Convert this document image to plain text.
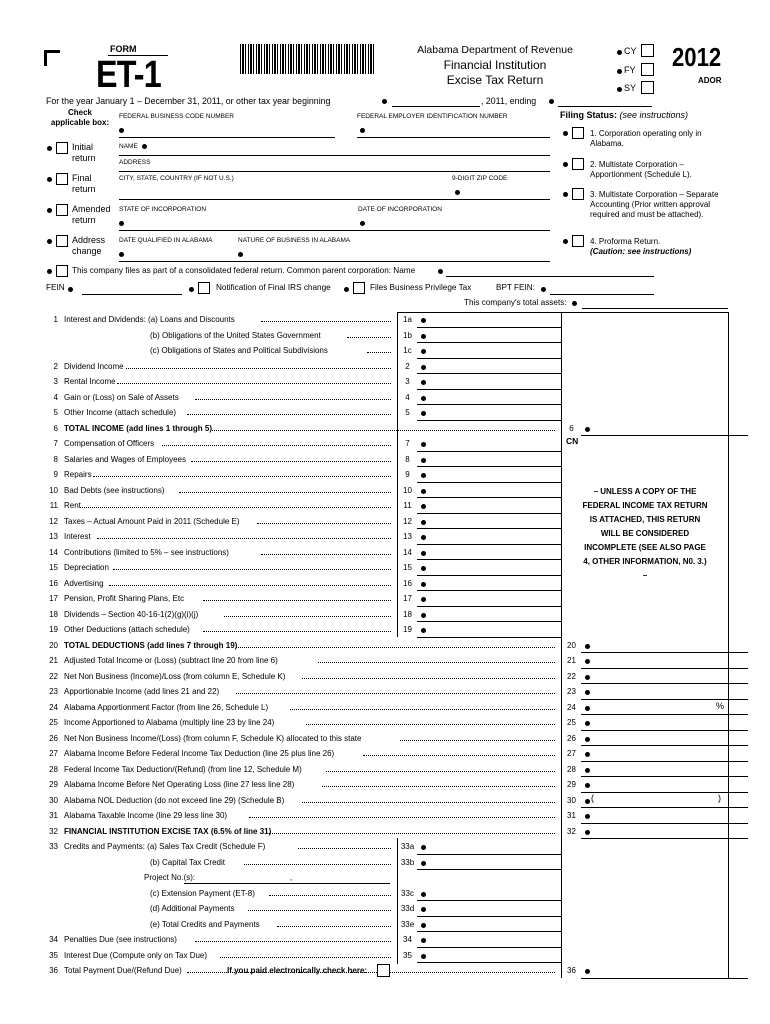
FORM
ET-1
Alabama Department of Revenue
Financial Institution
Excise Tax Return
CY
FY
SY
2012
ADOR
For the year January 1 – December 31, 2011, or other tax year beginning	, 2011, ending
Check
applicable box:
Initial
return
Final
return
Amended
return
Address
change
FEDERAL BUSINESS CODE NUMBER	FEDERAL EMPLOYER IDENTIFICATION NUMBER
NAME
ADDRESS
CITY, STATE, COUNTRY (IF NOT U.S.)	9-DIGIT ZIP CODE
STATE OF INCORPORATION	DATE OF INCORPORATION
DATE QUALIFIED IN ALABAMA	NATURE OF BUSINESS IN ALABAMA
Filing Status: (see instructions)
1. Corporation operating only in Alabama.
2. Multistate Corporation – Apportionment (Schedule L).
3. Multistate Corporation – Separate Accounting (Prior written approval required and must be attached).
4. Proforma Return.
(Caution: see instructions)
This company files as part of a consolidated federal return. Common parent corporation: Name
FEIN	Notification of Final IRS change	Files Business Privilege Tax	BPT FEIN:
This company's total assets:
1 Interest and Dividends: (a) Loans and Discounts	1a
(b) Obligations of the United States Government	1b
(c) Obligations of States and Political Subdivisions	1c
2 Dividend Income	2
3 Rental Income	3
4 Gain or (Loss) on Sale of Assets	4
5 Other Income (attach schedule)	5
6 TOTAL INCOME (add lines 1 through 5)	6
7 Compensation of Officers	7
8 Salaries and Wages of Employees	8
9 Repairs	9
10 Bad Debts (see instructions)	10
11 Rent	11
12 Taxes – Actual Amount Paid in 2011 (Schedule E)	12
13 Interest	13
14 Contributions (limited to 5% – see instructions)	14
15 Depreciation	15
16 Advertising	16
17 Pension, Profit Sharing Plans, Etc	17
18 Dividends – Section 40-16-1(2)(g)(i)(j)	18
19 Other Deductions (attach schedule)	19
20 TOTAL DEDUCTIONS (add lines 7 through 19)	20
21 Adjusted Total Income or (Loss) (subtract line 20 from line 6)	21
22 Net Non Business (Income)/Loss (from column E, Schedule K)	22
23 Apportionable Income (add lines 21 and 22)	23
24 Alabama Apportionment Factor (from line 26, Schedule L)	24
25 Income Apportioned to Alabama (multiply line 23 by line 24)	25
26 Net Non Business Income/(Loss) (from column F, Schedule K) allocated to this state	26
27 Alabama Income Before Federal Income Tax Deduction (line 25 plus line 26)	27
28 Federal Income Tax Deduction/(Refund) (from line 12, Schedule M)	28
29 Alabama Income Before Net Operating Loss (line 27 less line 28)	29
30 Alabama NOL Deduction (do not exceed line 29) (Schedule B)	30
31 Alabama Taxable Income (line 29 less line 30)	31
32 FINANCIAL INSTITUTION EXCISE TAX (6.5% of line 31)	32
33 Credits and Payments: (a) Sales Tax Credit (Schedule F)	33a
(b) Capital Tax Credit	33b
Project No.(s):
(c) Extension Payment (ET-8)	33c
(d) Additional Payments	33d
(e) Total Credits and Payments	33e
34 Penalties Due (see instructions)	34
35 Interest Due (Compute only on Tax Due)	35
36 Total Payment Due/(Refund Due)	36
If you paid electronically check here:
CN
– UNLESS A COPY OF THE FEDERAL INCOME TAX RETURN IS ATTACHED, THIS RETURN WILL BE CONSIDERED INCOMPLETE (SEE ALSO PAGE 4, OTHER INFORMATION, N0. 3.) –
%
(	)
,
